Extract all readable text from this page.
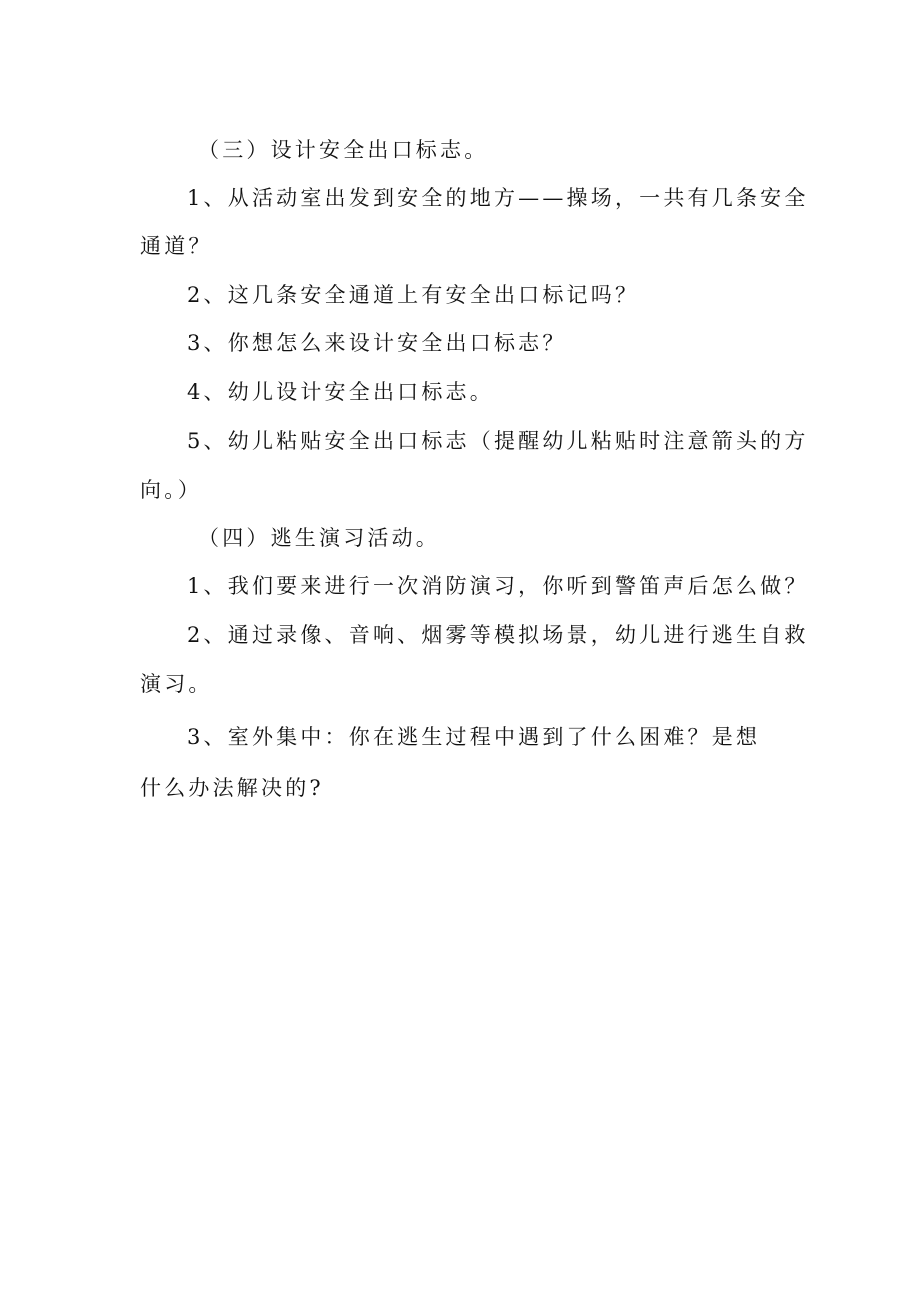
（三）设计安全出口标志。
1、从活动室出发到安全的地方——操场，一共有几条安全
通道？
2、这几条安全通道上有安全出口标记吗？
3、你想怎么来设计安全出口标志？
4、幼儿设计安全出口标志。
5、幼儿粘贴安全出口标志（提醒幼儿粘贴时注意箭头的方
向。）
（四）逃生演习活动。
1、我们要来进行一次消防演习，你听到警笛声后怎么做？
2、通过录像、音响、烟雾等模拟场景，幼儿进行逃生自救
演习。
3、室外集中：你在逃生过程中遇到了什么困难？是想
什么办法解决的?
